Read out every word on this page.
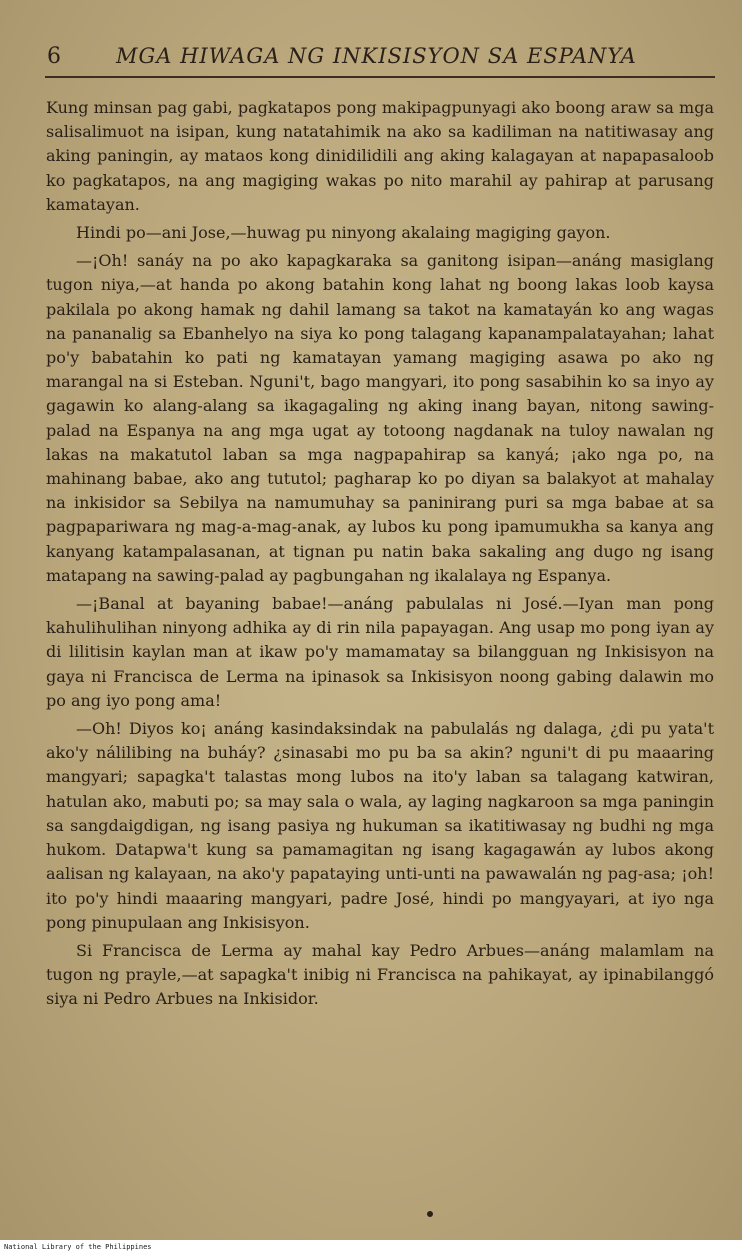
6	MGA HIWAGA NG INKISISYON SA ESPANYA

Kung minsan pag gabi, pagkatapos pong makipagpunyagi ako boong araw sa mga salisalimuot na isipan, kung natatahimik na ako sa kadiliman na natitiwasay ang aking paningin, ay mataos kong dinidilidili ang aking kalagayan at napapasaloob ko pagkatapos, na ang magiging wakas po nito marahil ay pahirap at parusang kamatayan.

Hindi po—ani Jose,—huwag pu ninyong akalaing magiging gayon.

—¡Oh! sanáy na po ako kapagkaraka sa ganitong isipan—anáng masiglang tugon niya,—at handa po akong batahin kong lahat ng boong lakas loob kaysa pakilala po akong hamak ng dahil lamang sa takot na kamatayán ko ang wagas na pananalig sa Ebanhelyo na siya ko pong talagang kapanampalatayahan; lahat po'y babatahin ko pati ng kamatayan yamang magiging asawa po ako ng marangal na si Esteban. Nguni't, bago mangyari, ito pong sasabihin ko sa inyo ay gagawin ko alang-alang sa ikagagaling ng aking inang bayan, nitong sawing-palad na Espanya na ang mga ugat ay totoong nagdanak na tuloy nawalan ng lakas na makatutol laban sa mga nagpapahirap sa kanyá; ¡ako nga po, na mahinang babae, ako ang tututol; pagharap ko po diyan sa balakyot at mahalay na inkisidor sa Sebilya na namumuhay sa paninirang puri sa mga babae at sa pagpapariwara ng mag-a-mag-anak, ay lubos ku pong ipamumukha sa kanya ang kanyang katampalasanan, at tignan pu natin baka sakaling ang dugo ng isang matapang na sawing-palad ay pagbungahan ng ikalalaya ng Espanya.

—¡Banal at bayaning babae!—anáng pabulalas ni José.—Iyan man pong kahulihulihan ninyong adhika ay di rin nila papayagan. Ang usap mo pong iyan ay di lilitisin kaylan man at ikaw po'y mamamatay sa bilangguan ng Inkisisyon na gaya ni Francisca de Lerma na ipinasok sa Inkisisyon noong gabing dalawin mo po ang iyo pong ama!

—Oh! Diyos ko¡ anáng kasindaksindak na pabulalás ng dalaga, ¿di pu yata't ako'y nálilibing na buháy? ¿sinasabi mo pu ba sa akin? nguni't di pu maaaring mangyari; sapagka't talastas mong lubos na ito'y laban sa talagang katwiran, hatulan ako, mabuti po; sa may sala o wala, ay laging nagkaroon sa mga paningin sa sangdaigdigan, ng isang pasiya ng hukuman sa ikatitiwasay ng budhi ng mga hukom. Datapwa't kung sa pamamagitan ng isang kagagawán ay lubos akong aalisan ng kalayaan, na ako'y papataying unti-unti na pawawalán ng pag-asa; ¡oh! ito po'y hindi maaaring mangyari, padre José, hindi po mangyayari, at iyo nga pong pinupulaan ang Inkisisyon.

Si Francisca de Lerma ay mahal kay Pedro Arbues—anáng malamlam na tugon ng prayle,—at sapagka't inibig ni Francisca na pahikayat, ay ipinabilanggó siya ni Pedro Arbues na Inkisidor.

National Library of the Philippines
